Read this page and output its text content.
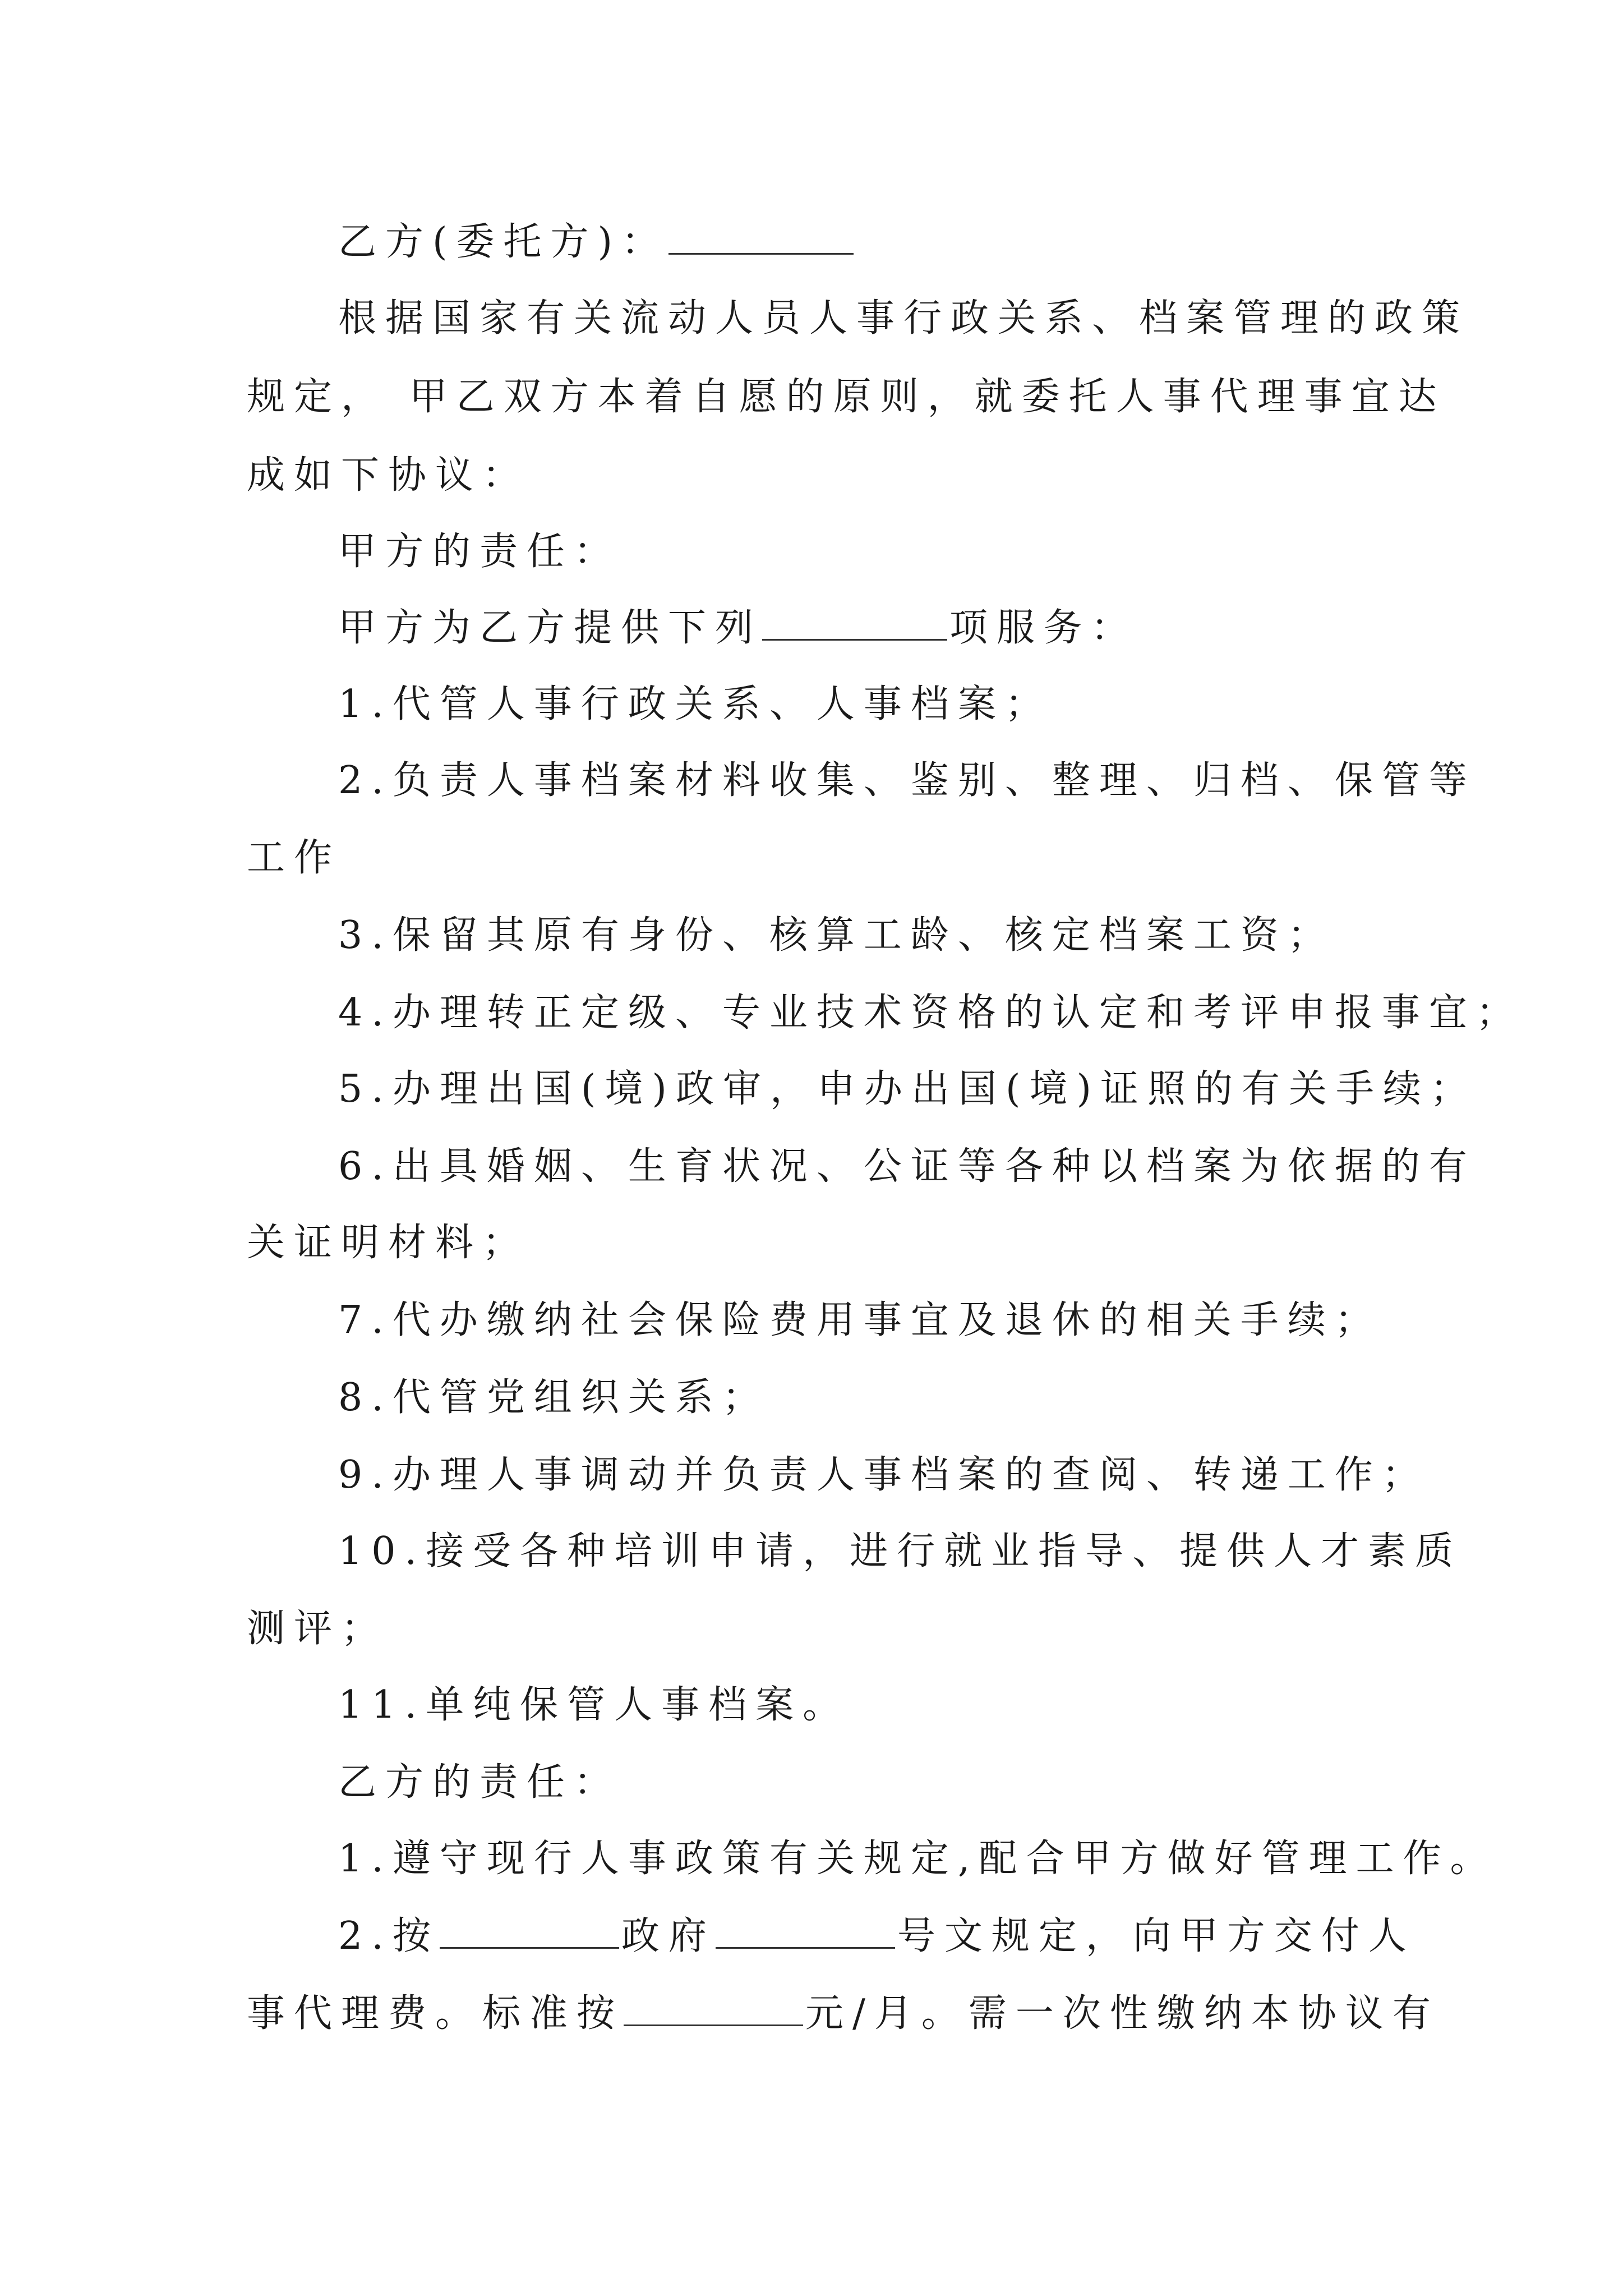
乙方(委托方)：
根据国家有关流动人员人事行政关系、档案管理的政策
规定， 甲乙双方本着自愿的原则，就委托人事代理事宜达
成如下协议：
甲方的责任：
甲方为乙方提供下列	项服务：
1.代管人事行政关系、人事档案；
2.负责人事档案材料收集、鉴别、整理、归档、保管等
工作
3.保留其原有身份、核算工龄、核定档案工资；
4.办理转正定级、专业技术资格的认定和考评申报事宜；
5.办理出国(境)政审，申办出国(境)证照的有关手续；
6.出具婚姻、生育状况、公证等各种以档案为依据的有
关证明材料；
7.代办缴纳社会保险费用事宜及退休的相关手续；
8.代管党组织关系；
9.办理人事调动并负责人事档案的查阅、转递工作；
10.接受各种培训申请，进行就业指导、提供人才素质
测评；
11.单纯保管人事档案。
乙方的责任：
1.遵守现行人事政策有关规定,配合甲方做好管理工作。
2.按	政府	号文规定，向甲方交付人
事代理费。标准按	元/月。需一次性缴纳本协议有
